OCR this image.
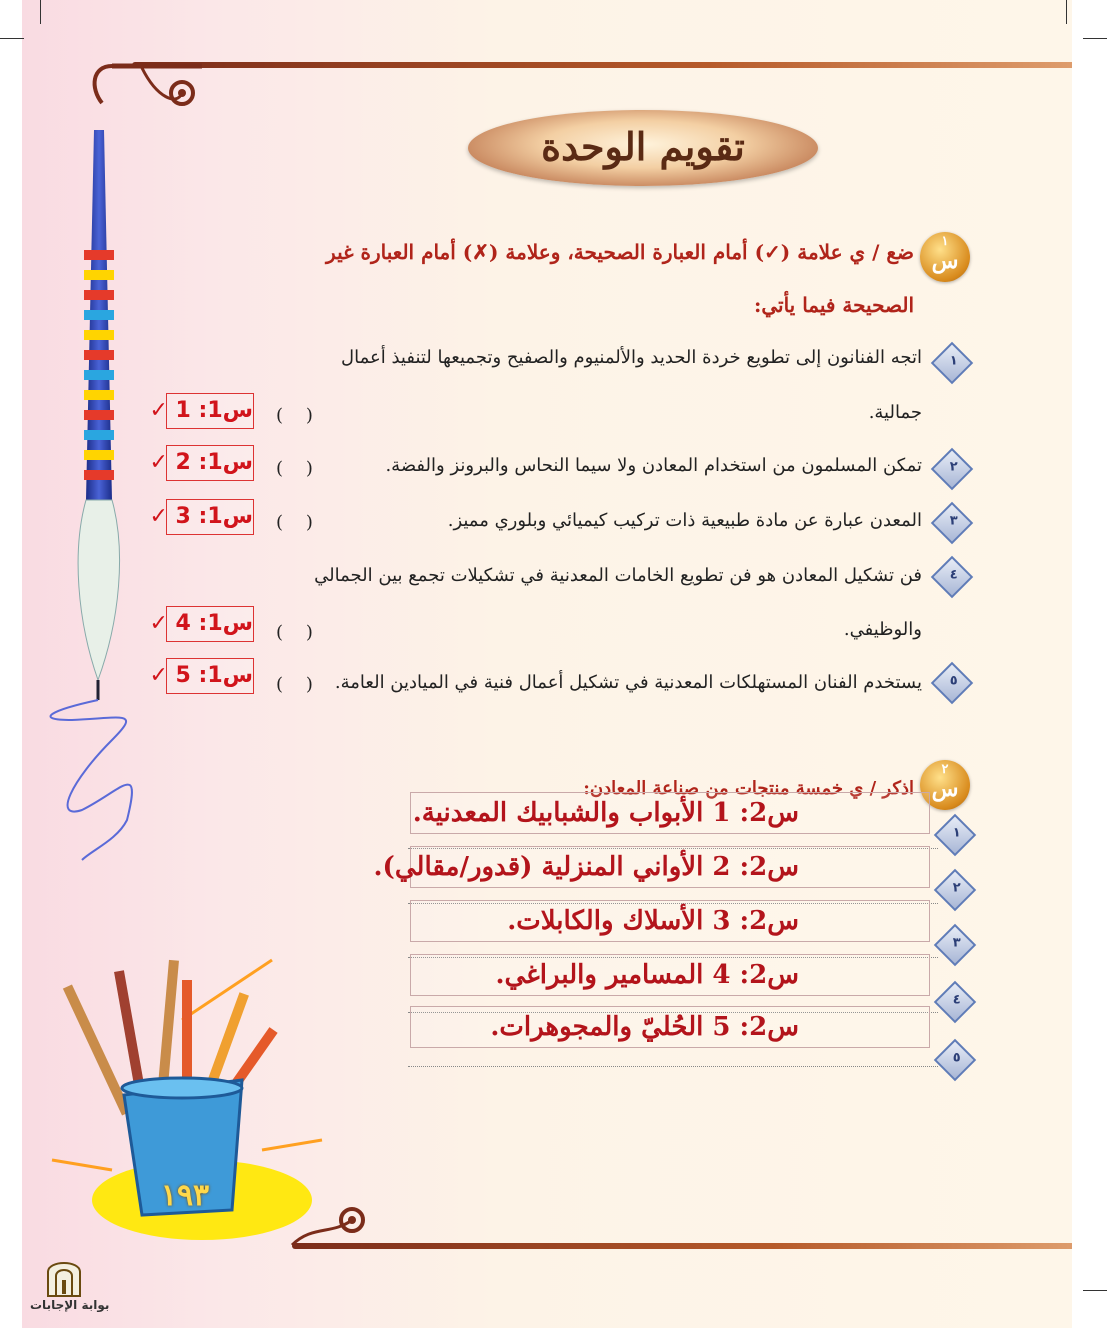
تقويم الوحدة
١
س
ضع / ي علامة (✓) أمام العبارة الصحيحة، وعلامة (✗) أمام العبارة غير
الصحيحة فيما يأتي:
١
اتجه الفنانون إلى تطويع خردة الحديد والألمنيوم والصفيح وتجميعها لتنفيذ أعمال
جمالية.
(    )
س1: 1 ✓
٢
تمكن المسلمون من استخدام المعادن ولا سيما النحاس والبرونز والفضة.
(    )
س1: 2 ✓
٣
المعدن عبارة عن مادة طبيعية ذات تركيب كيميائي وبلوري مميز.
(    )
س1: 3 ✓
٤
فن تشكيل المعادن هو فن تطويع الخامات المعدنية في تشكيلات تجمع بين الجمالي
والوظيفي.
(    )
س1: 4 ✓
٥
يستخدم الفنان المستهلكات المعدنية في تشكيل أعمال فنية في الميادين العامة.
(    )
س1: 5 ✓
٢
س
اذكر / ي خمسة منتجات من صناعة المعادن:
س2: 1 الأبواب والشبابيك المعدنية.
١
س2: 2 الأواني المنزلية (قدور/مقالي).
٢
س2: 3 الأسلاك والكابلات.
٣
س2: 4 المسامير والبراغي.
٤
س2: 5 الحُليّ والمجوهرات.
٥
١٩٣
بوابة الإجابات
